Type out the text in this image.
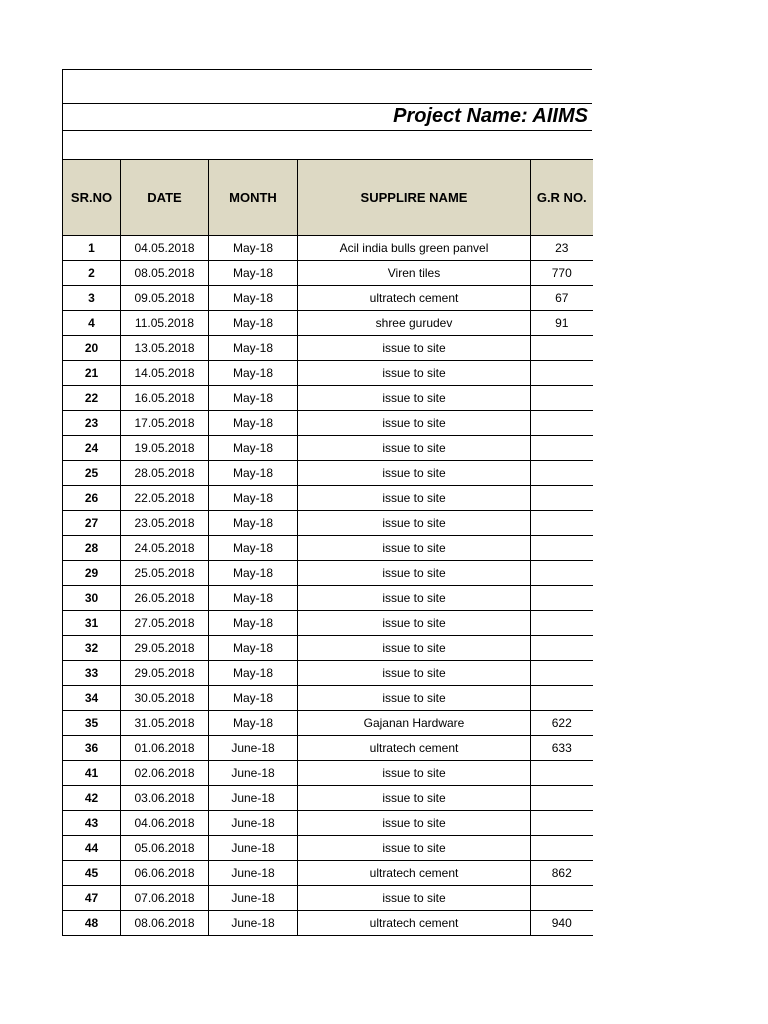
Project Name: AIIMS
SR.NO	DATE	MONTH	SUPPLIRE NAME	G.R NO.
1	04.05.2018	May-18	Acil india bulls green panvel	23
2	08.05.2018	May-18	Viren tiles	770
3	09.05.2018	May-18	ultratech cement	67
4	11.05.2018	May-18	shree gurudev	91
20	13.05.2018	May-18	issue to site	
21	14.05.2018	May-18	issue to site	
22	16.05.2018	May-18	issue to site	
23	17.05.2018	May-18	issue to site	
24	19.05.2018	May-18	issue to site	
25	28.05.2018	May-18	issue to site	
26	22.05.2018	May-18	issue to site	
27	23.05.2018	May-18	issue to site	
28	24.05.2018	May-18	issue to site	
29	25.05.2018	May-18	issue to site	
30	26.05.2018	May-18	issue to site	
31	27.05.2018	May-18	issue to site	
32	29.05.2018	May-18	issue to site	
33	29.05.2018	May-18	issue to site	
34	30.05.2018	May-18	issue to site	
35	31.05.2018	May-18	Gajanan Hardware	622
36	01.06.2018	June-18	ultratech cement	633
41	02.06.2018	June-18	issue to site	
42	03.06.2018	June-18	issue to site	
43	04.06.2018	June-18	issue to site	
44	05.06.2018	June-18	issue to site	
45	06.06.2018	June-18	ultratech cement	862
47	07.06.2018	June-18	issue to site	
48	08.06.2018	June-18	ultratech cement	940
